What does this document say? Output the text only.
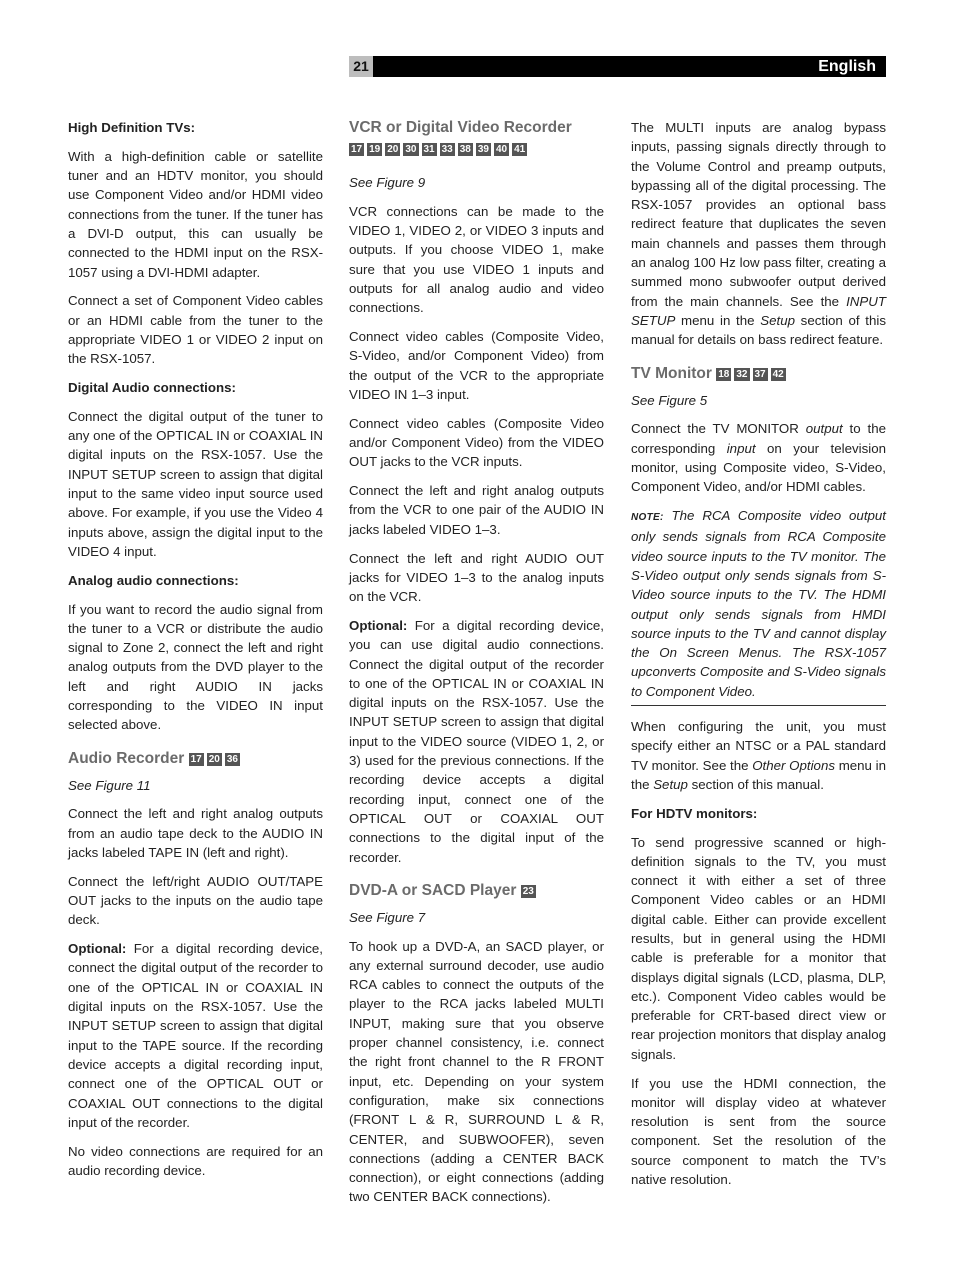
21	English
High Definition TVs:

With a high-definition cable or satellite tuner and an HDTV monitor, you should use Component Video and/or HDMI video connections from the tuner. If the tuner has a DVI-D output, this can usually be connected to the HDMI input on the RSX-1057 using a DVI-HDMI adapter.

Connect a set of Component Video cables or an HDMI cable from the tuner to the appropriate VIDEO 1 or VIDEO 2 input on the RSX-1057.

Digital Audio connections:

Connect the digital output of the tuner to any one of the OPTICAL IN or COAXIAL IN digital inputs on the RSX-1057. Use the INPUT SETUP screen to assign that digital input to the same video input source used above. For example, if you use the Video 4 inputs above, assign the digital input to the VIDEO 4 input.

Analog audio connections:

If you want to record the audio signal from the tuner to a VCR or distribute the audio signal to Zone 2, connect the left and right analog outputs from the DVD player to the left and right AUDIO IN jacks corresponding to the VIDEO IN input selected above.

Audio Recorder 17 20 36

See Figure 11

Connect the left and right analog outputs from an audio tape deck to the AUDIO IN jacks labeled TAPE IN (left and right).

Connect the left/right AUDIO OUT/TAPE OUT jacks to the inputs on the audio tape deck.

Optional: For a digital recording device, connect the digital output of the recorder to one of the OPTICAL IN or COAXIAL IN digital inputs on the RSX-1057. Use the INPUT SETUP screen to assign that digital input to the TAPE source. If the recording device accepts a digital recording input, connect one of the OPTICAL OUT or COAXIAL OUT connections to the digital input of the recorder.

No video connections are required for an audio recording device.

VCR or Digital Video Recorder
17 19 20 30 31 33 38 39 40 41

See Figure 9

VCR connections can be made to the VIDEO 1, VIDEO 2, or VIDEO 3 inputs and outputs. If you choose VIDEO 1, make sure that you use VIDEO 1 inputs and outputs for all analog audio and video connections.

Connect video cables (Composite Video, S-Video, and/or Component Video) from the output of the VCR to the appropriate VIDEO IN 1–3 input.

Connect video cables (Composite Video and/or Component Video) from the VIDEO OUT jacks to the VCR inputs.

Connect the left and right analog outputs from the VCR to one pair of the AUDIO IN jacks labeled VIDEO 1–3.

Connect the left and right AUDIO OUT jacks for VIDEO 1–3 to the analog inputs on the VCR.

Optional: For a digital recording device, you can use digital audio connections. Connect the digital output of the recorder to one of the OPTICAL IN or COAXIAL IN digital inputs on the RSX-1057. Use the INPUT SETUP screen to assign that digital input to the VIDEO source (VIDEO 1, 2, or 3) used for the previous connections. If the recording device accepts a digital recording input, connect one of the OPTICAL OUT or COAXIAL OUT connections to the digital input of the recorder.

DVD-A or SACD Player 23

See Figure 7

To hook up a DVD-A, an SACD player, or any external surround decoder, use audio RCA cables to connect the outputs of the player to the RCA jacks labeled MULTI INPUT, making sure that you observe proper channel consistency, i.e. connect the right front channel to the R FRONT input, etc. Depending on your system configuration, make six connections (FRONT L & R, SURROUND L & R, CENTER, and SUBWOOFER), seven connections (adding a CENTER BACK connection), or eight connections (adding two CENTER BACK connections).

The MULTI inputs are analog bypass inputs, passing signals directly through to the Volume Control and preamp outputs, bypassing all of the digital processing. The RSX-1057 provides an optional bass redirect feature that duplicates the seven main channels and passes them through an analog 100 Hz low pass filter, creating a summed mono subwoofer output derived from the main channels. See the INPUT SETUP menu in the Setup section of this manual for details on bass redirect feature.

TV Monitor 18 32 37 42

See Figure 5

Connect the TV MONITOR output to the corresponding input on your television monitor, using Composite video, S-Video, Component Video, and/or HDMI cables.

NOTE: The RCA Composite video output only sends signals from RCA Composite video source inputs to the TV monitor. The S-Video output only sends signals from S-Video source inputs to the TV. The HDMI output only sends signals from HMDI source inputs to the TV and cannot display the On Screen Menus. The RSX-1057 upconverts Composite and S-Video signals to Component Video.

When configuring the unit, you must specify either an NTSC or a PAL standard TV monitor. See the Other Options menu in the Setup section of this manual.

For HDTV monitors:

To send progressive scanned or high-definition signals to the TV, you must connect it with either a set of three Component Video cables or an HDMI digital cable. Either can provide excellent results, but in general using the HDMI cable is preferable for a monitor that displays digital signals (LCD, plasma, DLP, etc.). Component Video cables would be preferable for CRT-based direct view or rear projection monitors that display analog signals.

If you use the HDMI connection, the monitor will display video at whatever resolution is sent from the source component. Set the resolution of the source component to match the TV’s native resolution.
